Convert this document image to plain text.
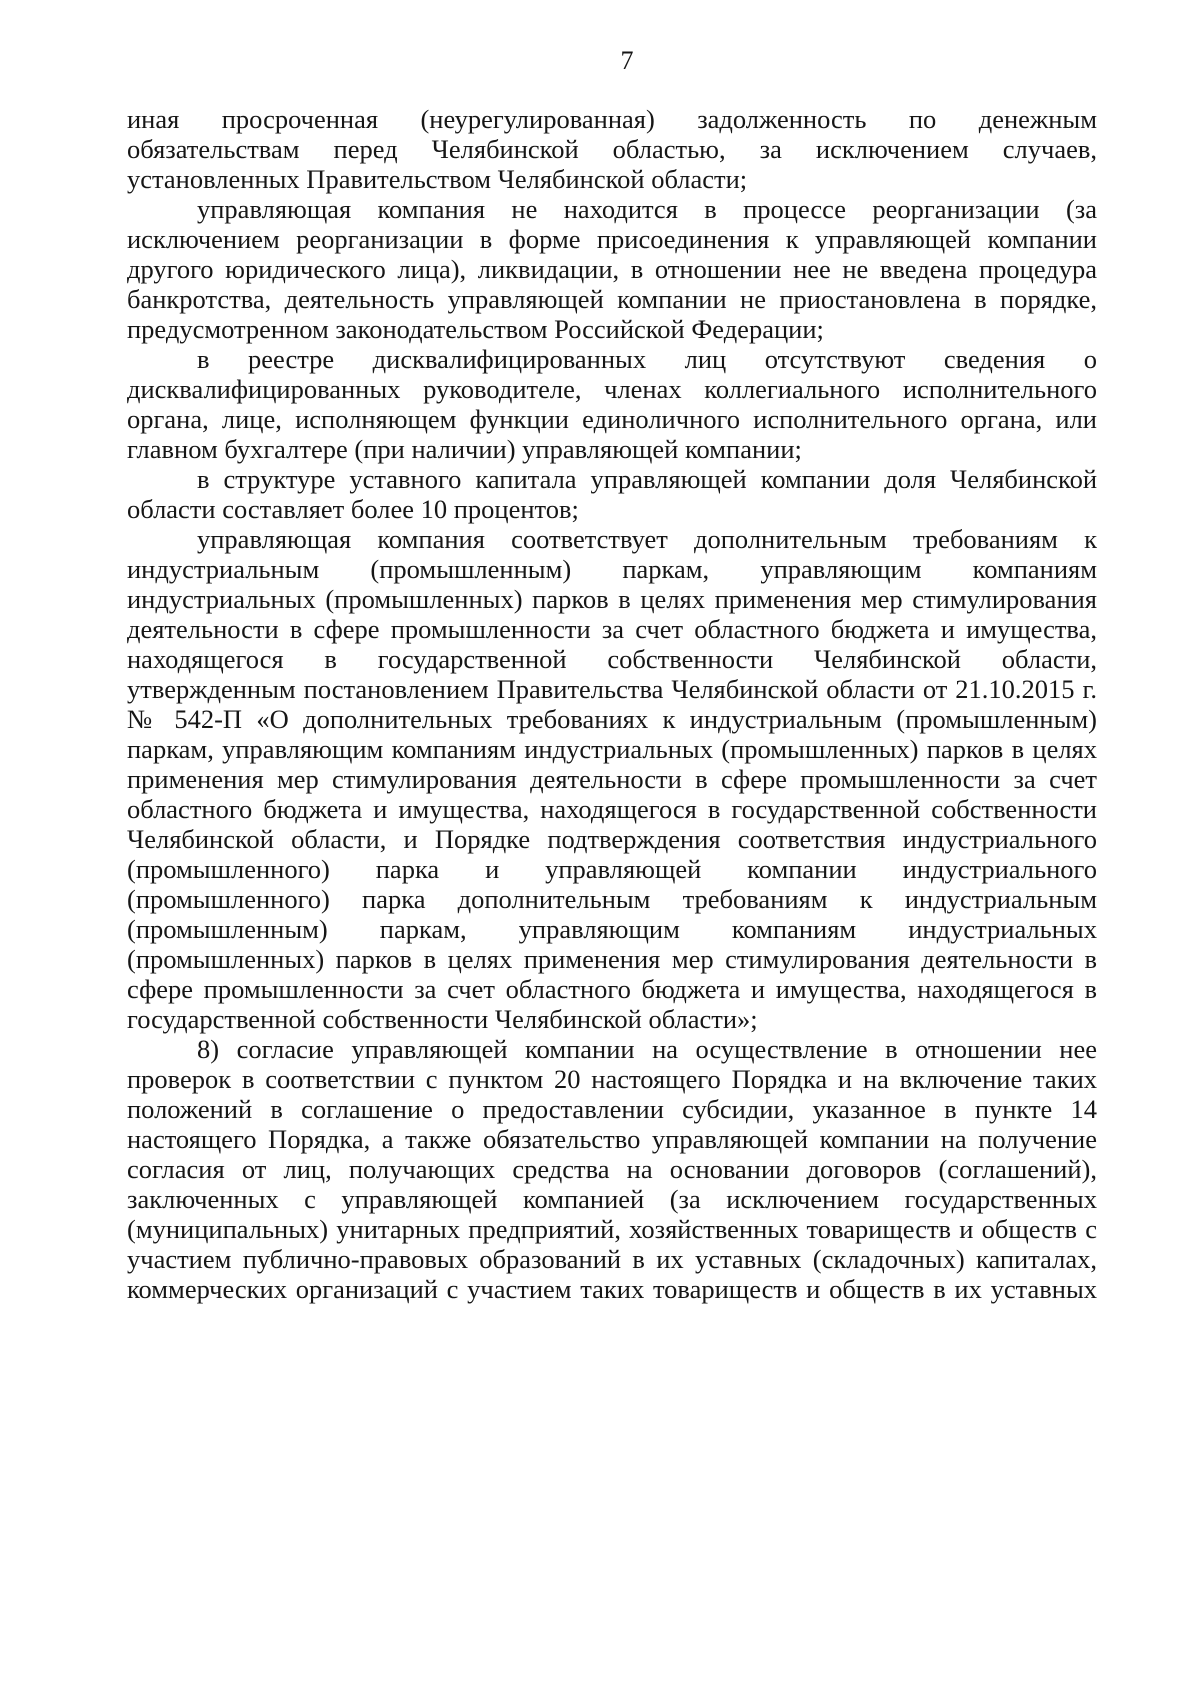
7

иная просроченная (неурегулированная) задолженность по денежным обязательствам перед Челябинской областью, за исключением случаев, установленных Правительством Челябинской области;

управляющая компания не находится в процессе реорганизации (за исключением реорганизации в форме присоединения к управляющей компании другого юридического лица), ликвидации, в отношении нее не введена процедура банкротства, деятельность управляющей компании не приостановлена в порядке, предусмотренном законодательством Российской Федерации;

в реестре дисквалифицированных лиц отсутствуют сведения о дисквалифицированных руководителе, членах коллегиального исполнительного органа, лице, исполняющем функции единоличного исполнительного органа, или главном бухгалтере (при наличии) управляющей компании;

в структуре уставного капитала управляющей компании доля Челябинской области составляет более 10 процентов;

управляющая компания соответствует дополнительным требованиям к индустриальным (промышленным) паркам, управляющим компаниям индустриальных (промышленных) парков в целях применения мер стимулирования деятельности в сфере промышленности за счет областного бюджета и имущества, находящегося в государственной собственности Челябинской области, утвержденным постановлением Правительства Челябинской области от 21.10.2015 г. № 542-П «О дополнительных требованиях к индустриальным (промышленным) паркам, управляющим компаниям индустриальных (промышленных) парков в целях применения мер стимулирования деятельности в сфере промышленности за счет областного бюджета и имущества, находящегося в государственной собственности Челябинской области, и Порядке подтверждения соответствия индустриального (промышленного) парка и управляющей компании индустриального (промышленного) парка дополнительным требованиям к индустриальным (промышленным) паркам, управляющим компаниям индустриальных (промышленных) парков в целях применения мер стимулирования деятельности в сфере промышленности за счет областного бюджета и имущества, находящегося в государственной собственности Челябинской области»;

8) согласие управляющей компании на осуществление в отношении нее проверок в соответствии с пунктом 20 настоящего Порядка и на включение таких положений в соглашение о предоставлении субсидии, указанное в пункте 14 настоящего Порядка, а также обязательство управляющей компании на получение согласия от лиц, получающих средства на основании договоров (соглашений), заключенных с управляющей компанией (за исключением государственных (муниципальных) унитарных предприятий, хозяйственных товариществ и обществ с участием публично-правовых образований в их уставных (складочных) капиталах, коммерческих организаций с участием таких товариществ и обществ в их уставных
